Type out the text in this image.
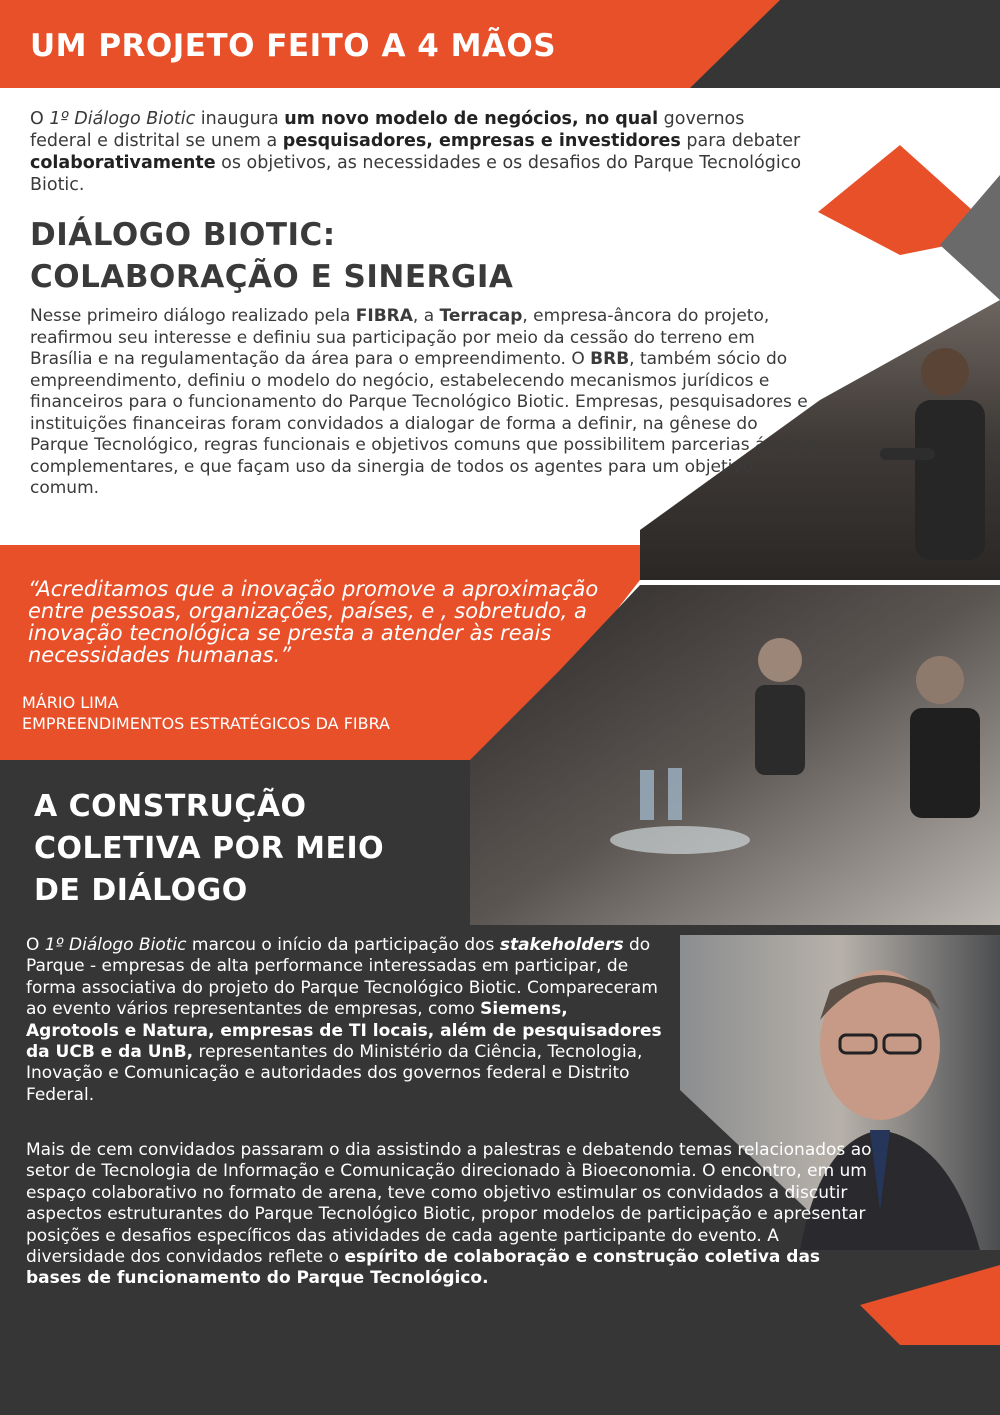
UM PROJETO FEITO A 4 MÃOS

O 1º Diálogo Biotic inaugura um novo modelo de negócios, no qual governos federal e distrital se unem a pesquisadores, empresas e investidores para debater colaborativamente os objetivos, as necessidades e os desafios do Parque Tecnológico Biotic.

DIÁLOGO BIOTIC:
COLABORAÇÃO E SINERGIA

Nesse primeiro diálogo realizado pela FIBRA, a Terracap, empresa-âncora do projeto, reafirmou seu interesse e definiu sua participação por meio da cessão do terreno em Brasília e na regulamentação da área para o empreendimento. O BRB, também sócio do empreendimento, definiu o modelo do negócio, estabelecendo mecanismos jurídicos e financeiros para o funcionamento do Parque Tecnológico Biotic. Empresas, pesquisadores e instituições financeiras foram convidados a dialogar de forma a definir, na gênese do Parque Tecnológico, regras funcionais e objetivos comuns que possibilitem parcerias ágeis e complementares, e que façam uso da sinergia de todos os agentes para um objetivo comum.

“Acreditamos que a inovação promove a aproximação entre pessoas, organizações, países, e , sobretudo, a inovação tecnológica se presta a atender às reais necessidades humanas.”

MÁRIO LIMA
EMPREENDIMENTOS ESTRATÉGICOS DA FIBRA
A CONSTRUÇÃO
COLETIVA POR MEIO
DE DIÁLOGO

O 1º Diálogo Biotic marcou o início da participação dos stakeholders do Parque - empresas de alta performance interessadas em participar, de forma associativa do projeto do Parque Tecnológico Biotic. Compareceram ao evento vários representantes de empresas, como Siemens, Agrotools e Natura, empresas de TI locais, além de pesquisadores da UCB e da UnB, representantes do Ministério da Ciência, Tecnologia, Inovação e Comunicação e autoridades dos governos federal e Distrito Federal.

Mais de cem convidados passaram o dia assistindo a palestras e debatendo temas relacionados ao setor de Tecnologia de Informação e Comunicação direcionado à Bioeconomia. O encontro, em um espaço colaborativo no formato de arena, teve como objetivo estimular os convidados a discutir aspectos estruturantes do Parque Tecnológico Biotic, propor modelos de participação e apresentar posições e desafios específicos das atividades de cada agente participante do evento. A diversidade dos convidados reflete o espírito de colaboração e construção coletiva das bases de funcionamento do Parque Tecnológico.
